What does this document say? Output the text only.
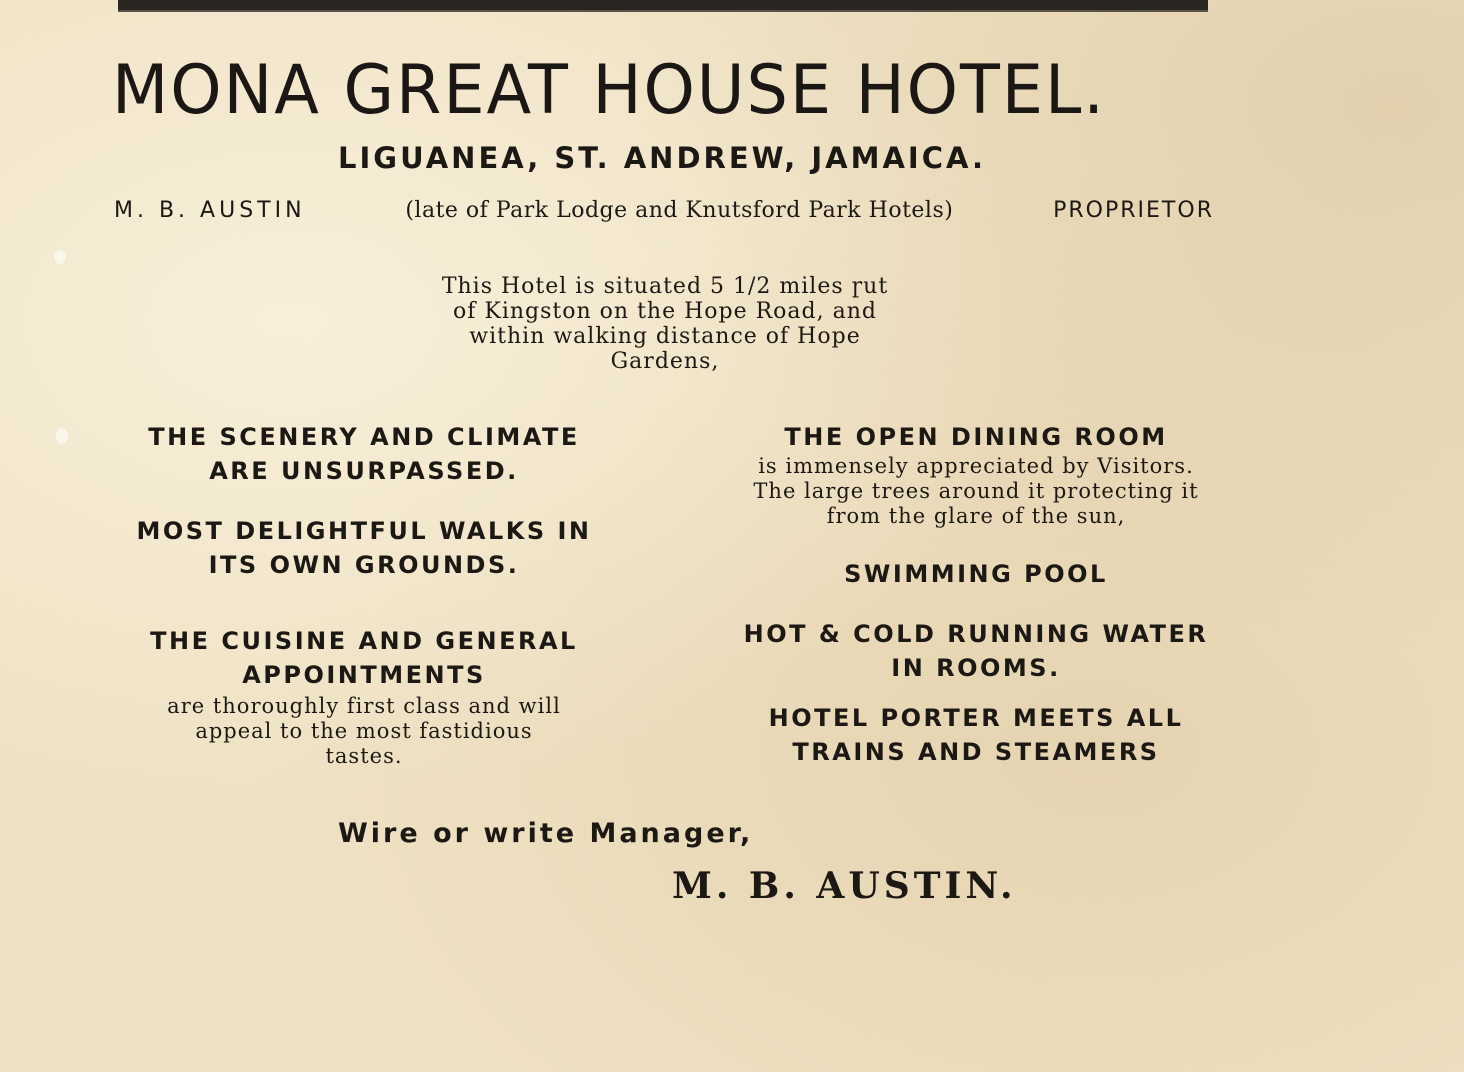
MONA GREAT HOUSE HOTEL.
LIGUANEA, ST. ANDREW, JAMAICA.
M. B. AUSTIN	(late of Park Lodge and Knutsford Park Hotels)	PROPRIETOR
This Hotel is situated 5 1/2 miles ɼut
of Kingston on the Hope Road, and
within walking distance of Hope
Gardens,
THE SCENERY AND CLIMATE
ARE UNSURPASSED.
MOST DELIGHTFUL WALKS IN
ITS OWN GROUNDS.
THE CUISINE AND GENERAL
APPOINTMENTS
are thoroughly first class and will
appeal to the most fastidious
tastes.
THE OPEN DINING ROOM
is immensely appreciated by Visitors.
The large trees around it protecting it
from the glare of the sun,
SWIMMING POOL
HOT & COLD RUNNING WATER
IN ROOMS.
HOTEL PORTER MEETS ALL
TRAINS AND STEAMERS
Wire or write Manager,
M. B. AUSTIN.
